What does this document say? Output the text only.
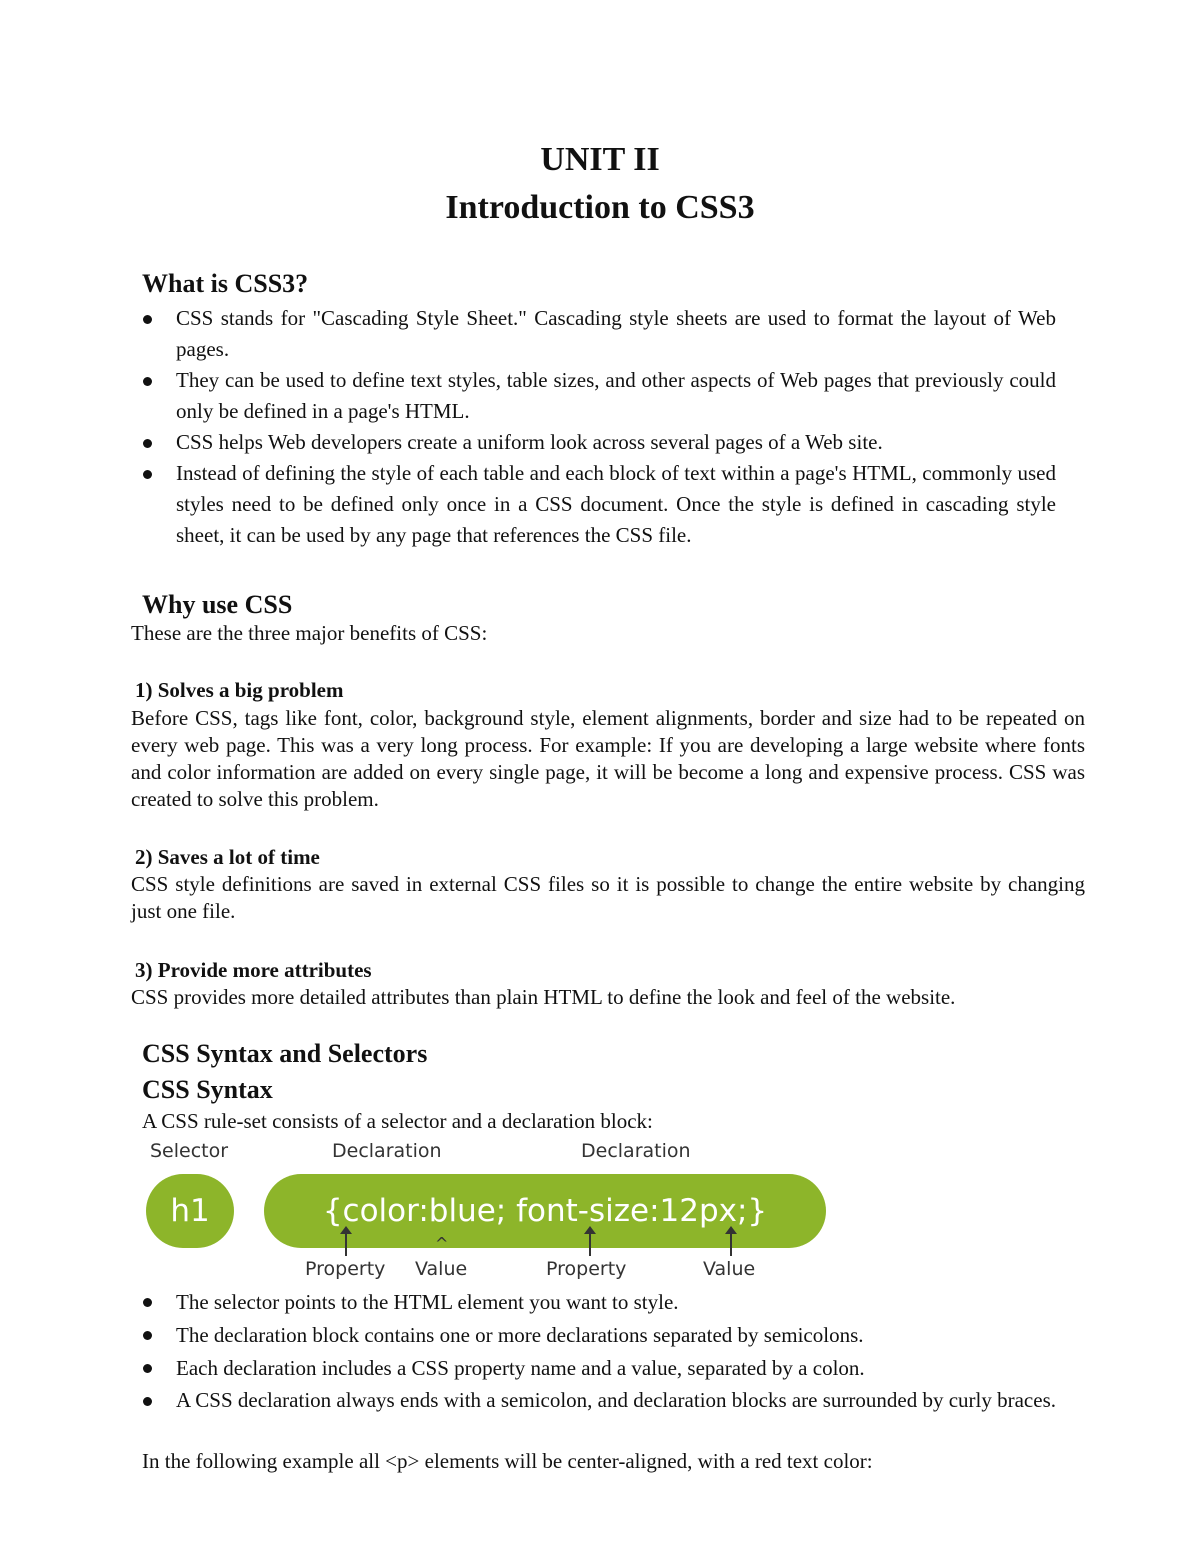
UNIT II
Introduction to CSS3
What is CSS3?
CSS stands for "Cascading Style Sheet." Cascading style sheets are used to format the layout of Web pages.
They can be used to define text styles, table sizes, and other aspects of Web pages that previously could only be defined in a page's HTML.
CSS helps Web developers create a uniform look across several pages of a Web site.
Instead of defining the style of each table and each block of text within a page's HTML, commonly used styles need to be defined only once in a CSS document. Once the style is defined in cascading style sheet, it can be used by any page that references the CSS file.
Why use CSS

These are the three major benefits of CSS:

1) Solves a big problem

Before CSS, tags like font, color, background style, element alignments, border and size had to be repeated on every web page. This was a very long process. For example: If you are developing a large website where fonts and color information are added on every single page, it will be become a long and expensive process. CSS was created to solve this problem.

2) Saves a lot of time

CSS style definitions are saved in external CSS files so it is possible to change the entire website by changing just one file.

3) Provide more attributes

CSS provides more detailed attributes than plain HTML to define the look and feel of the website.

CSS Syntax and Selectors
CSS Syntax

A CSS rule-set consists of a selector and a declaration block:

Selector	Declaration	Declaration
h1	{color:blue; font-size:12px;}
^
Property Value	Property	Value
The selector points to the HTML element you want to style.
The declaration block contains one or more declarations separated by semicolons.
Each declaration includes a CSS property name and a value, separated by a colon.
A CSS declaration always ends with a semicolon, and declaration blocks are surrounded by curly braces.

In the following example all <p> elements will be center-aligned, with a red text color:
